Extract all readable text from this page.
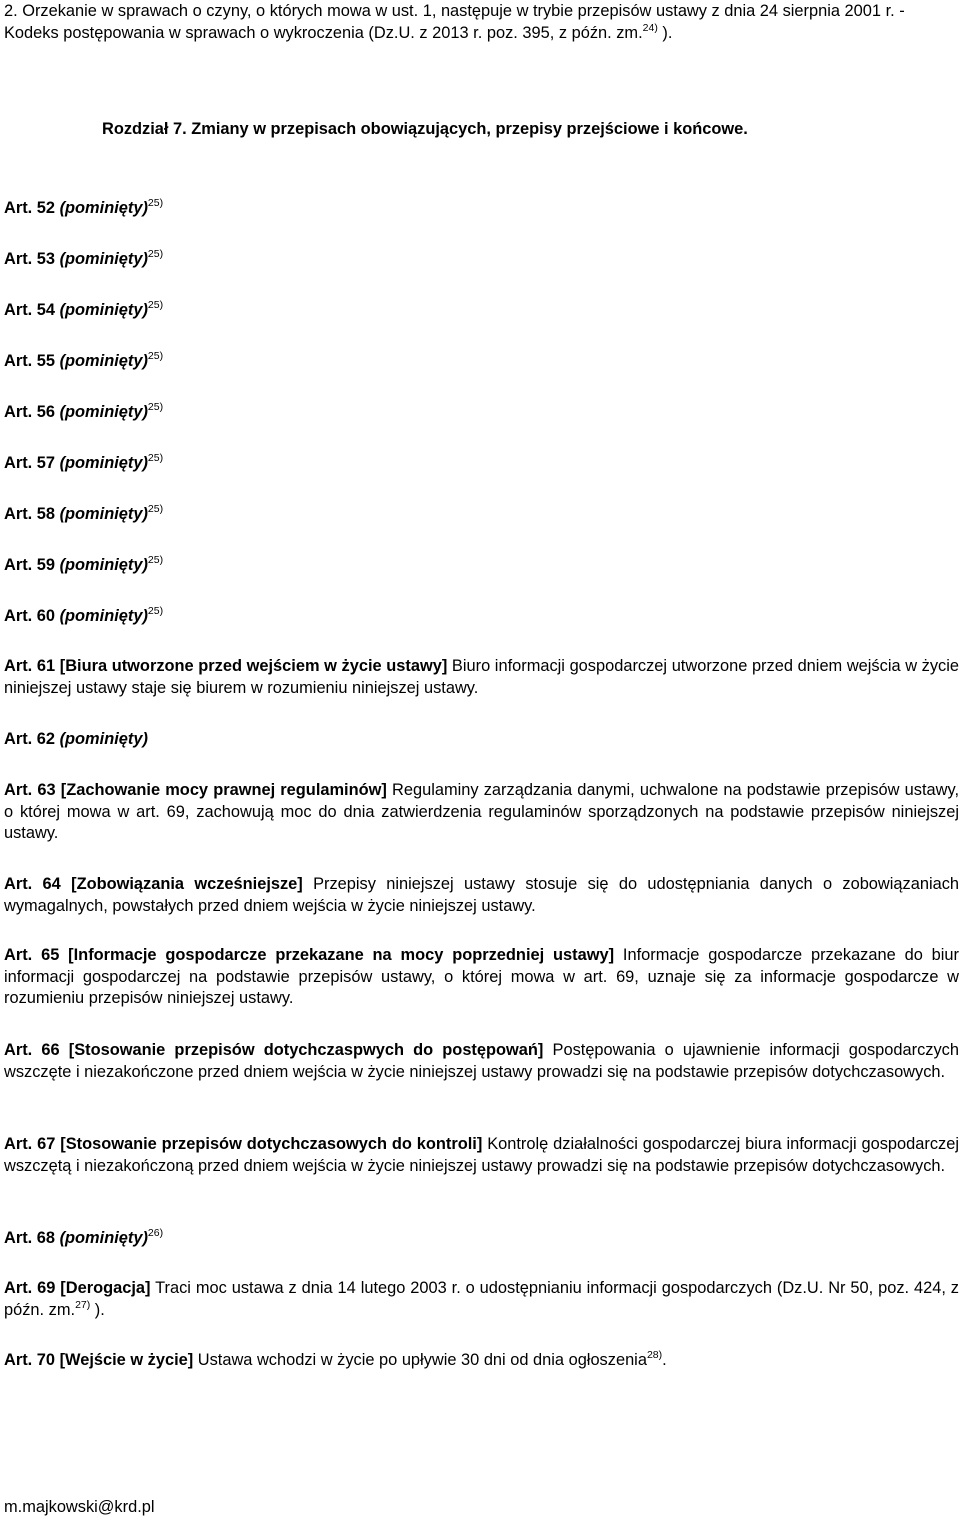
2. Orzekanie w sprawach o czyny, o których mowa w ust. 1, następuje w trybie przepisów ustawy z dnia 24 sierpnia 2001 r. - Kodeks postępowania w sprawach o wykroczenia (Dz.U. z 2013 r. poz. 395, z późn. zm.$^{24)}$ ).

Rozdział 7. Zmiany w przepisach obowiązujących, przepisy przejściowe i końcowe.

Art. 52 (pominięty)$^{25)}$

Art. 53 (pominięty)$^{25)}$

Art. 54 (pominięty)$^{25)}$

Art. 55 (pominięty)$^{25)}$

Art. 56 (pominięty)$^{25)}$

Art. 57 (pominięty)$^{25)}$

Art. 58 (pominięty)$^{25)}$

Art. 59 (pominięty)$^{25)}$

Art. 60 (pominięty)$^{25)}$

Art. 61 [Biura utworzone przed wejściem w życie ustawy] Biuro informacji gospodarczej utworzone przed dniem wejścia w życie niniejszej ustawy staje się biurem w rozumieniu niniejszej ustawy.

Art. 62 (pominięty)

Art. 63 [Zachowanie mocy prawnej regulaminów] Regulaminy zarządzania danymi, uchwalone na podstawie przepisów ustawy, o której mowa w art. 69, zachowują moc do dnia zatwierdzenia regulaminów sporządzonych na podstawie przepisów niniejszej ustawy.

Art. 64 [Zobowiązania wcześniejsze] Przepisy niniejszej ustawy stosuje się do udostępniania danych o zobowiązaniach wymagalnych, powstałych przed dniem wejścia w życie niniejszej ustawy.

Art. 65 [Informacje gospodarcze przekazane na mocy poprzedniej ustawy] Informacje gospodarcze przekazane do biur informacji gospodarczej na podstawie przepisów ustawy, o której mowa w art. 69, uznaje się za informacje gospodarcze w rozumieniu przepisów niniejszej ustawy.

Art. 66 [Stosowanie przepisów dotychczaspwych do postępowań] Postępowania o ujawnienie informacji gospodarczych wszczęte i niezakończone przed dniem wejścia w życie niniejszej ustawy prowadzi się na podstawie przepisów dotychczasowych.

Art. 67 [Stosowanie przepisów dotychczasowych do kontroli] Kontrolę działalności gospodarczej biura informacji gospodarczej wszczętą i niezakończoną przed dniem wejścia w życie niniejszej ustawy prowadzi się na podstawie przepisów dotychczasowych.

Art. 68 (pominięty)$^{26)}$

Art. 69 [Derogacja] Traci moc ustawa z dnia 14 lutego 2003 r. o udostępnianiu informacji gospodarczych (Dz.U. Nr 50, poz. 424, z późn. zm.$^{27)}$ ).

Art. 70 [Wejście w życie] Ustawa wchodzi w życie po upływie 30 dni od dnia ogłoszenia$^{28)}$.

m.majkowski@krd.pl
